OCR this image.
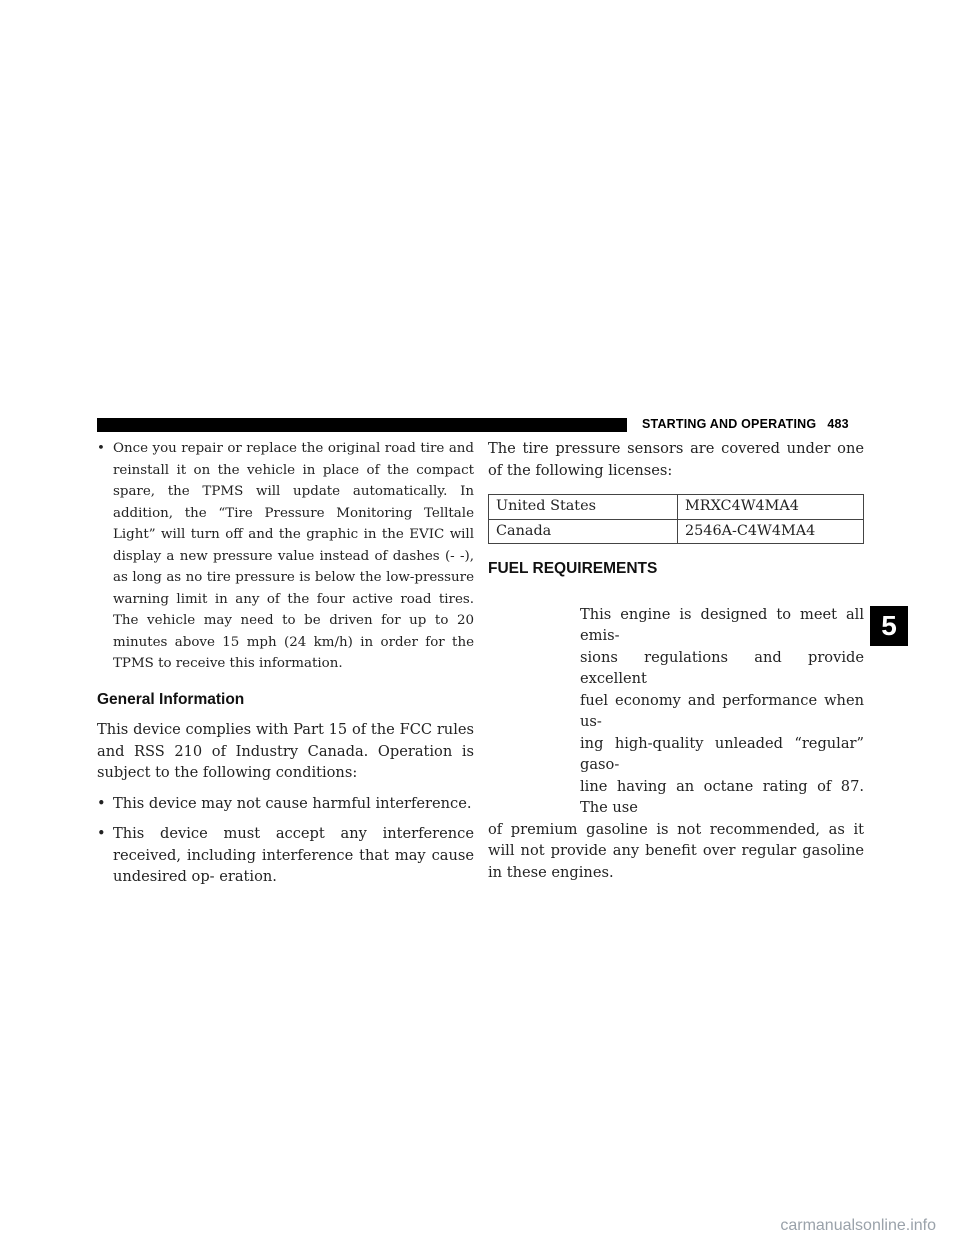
STARTING AND OPERATING 483
• Once you repair or replace the original road tire and reinstall it on the vehicle in place of the compact spare, the TPMS will update automatically. In addition, the “Tire Pressure Monitoring Telltale Light” will turn off and the graphic in the EVIC will display a new pressure value instead of dashes (- -), as long as no tire pressure is below the low-pressure warning limit in any of the four active road tires. The vehicle may need to be driven for up to 20 minutes above 15 mph (24 km/h) in order for the TPMS to receive this information.
General Information

This device complies with Part 15 of the FCC rules and RSS 210 of Industry Canada. Operation is subject to the following conditions:

• This device may not cause harmful interference.
• This device must accept any interference received, including interference that may cause undesired op- eration.

The tire pressure sensors are covered under one of the following licenses:

United States	MRXC4W4MA4
Canada	2546A-C4W4MA4
FUEL REQUIREMENTS

This engine is designed to meet all emis-

sions regulations and provide excellent

fuel economy and performance when us-

ing high-quality unleaded “regular” gaso-

line having an octane rating of 87. The use

of premium gasoline is not recommended, as it will not provide any benefit over regular gasoline in these engines.

5
carmanualsonline.info
